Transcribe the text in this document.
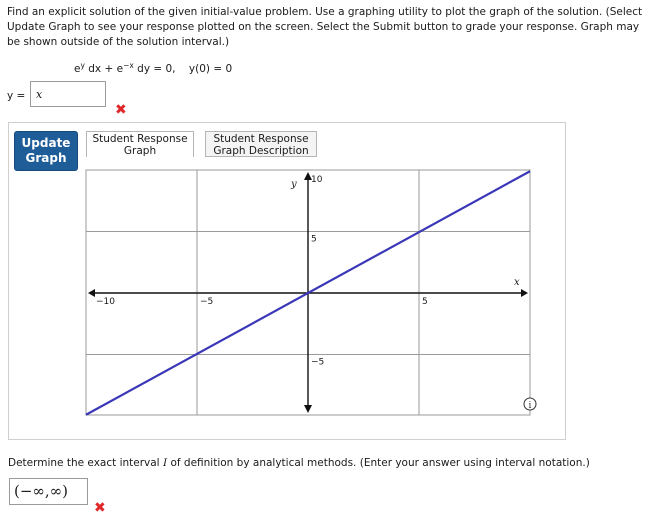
Find an explicit solution of the given initial-value problem. Use a graphing utility to plot the graph of the solution. (Select Update Graph to see your response plotted on the screen. Select the Submit button to grade your response. Graph may be shown outside of the solution interval.)

$e^y$ dx + $e^{-x}$ dy = 0, y(0) = 0
y = x
✖
Update
Graph
Student Response Graph
Student Response Graph Description
−10	−5	5
10
5
−5
x
y
i
Determine the exact interval I of definition by analytical methods. (Enter your answer using interval notation.)
(−∞,∞)
✖
